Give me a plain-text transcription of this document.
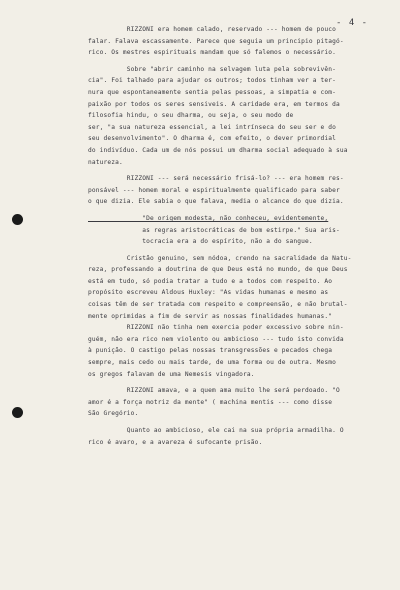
- 4 -
RIZZONI era homem calado, reservado --- homem de pouco
falar. Falava escassamente. Parece que seguia um principio pitagó-
rico. Os mestres espirituais mandam que só falemos o necessário.
Sobre "abrir caminho na selvagem luta pela sobrevivên-
cia". Foi talhado para ajudar os outros; todos tinham ver a ter-
nura que espontaneamente sentia pelas pessoas, a simpatia e com-
paixão por todos os seres sensiveis. A caridade era, em termos da
filosofia hindu, o seu dharma, ou seja, o seu modo de
ser, "a sua natureza essencial, a lei intrínseca do seu ser e do
seu desenvolvimento". O dharma é, com efeito, o dever primordial
do indivíduo. Cada um de nós possui um dharma social adequado à sua
natureza.
RIZZONI --- será necessário frisá-lo? --- era homem res-
ponsável --- homem moral e espiritualmente qualificado para saber
o que dizia. Ele sabia o que falava, media o alcance do que dizia.
"De origem modesta, não conheceu, evidentemente,
as regras aristocráticas de bom estirpe." Sua aris-
tocracia era a do espírito, não a do sangue.
Cristão genuino, sem nódoa, crendo na sacralidade da Natu-
reza, professando a doutrina de que Deus está no mundo, de que Deus
está em tudo, só podia tratar a tudo e a todos com respeito. Ao
propósito escreveu Aldous Huxley: "As vidas humanas e mesmo as
coisas têm de ser tratada com respeito e compreensão, e não brutal-
mente oprimidas a fim de servir as nossas finalidades humanas."
RIZZONI não tinha nem exercia poder excessivo sobre nin-
guém, não era rico nem violento ou ambicioso --- tudo isto convida
à punição. O castigo pelas nossas transgressões e pecados chega
sempre, mais cedo ou mais tarde, de uma forma ou de outra. Mesmo
os gregos falavam de uma Nemesis vingadora.
RIZZONI amava, e a quem ama muito lhe será perdoado. "O
amor é a força motriz da mente" ( machina mentis --- como disse
São Gregório.
Quanto ao ambicioso, ele cai na sua própria armadilha. O
rico é avaro, e a avareza é sufocante prisão.
